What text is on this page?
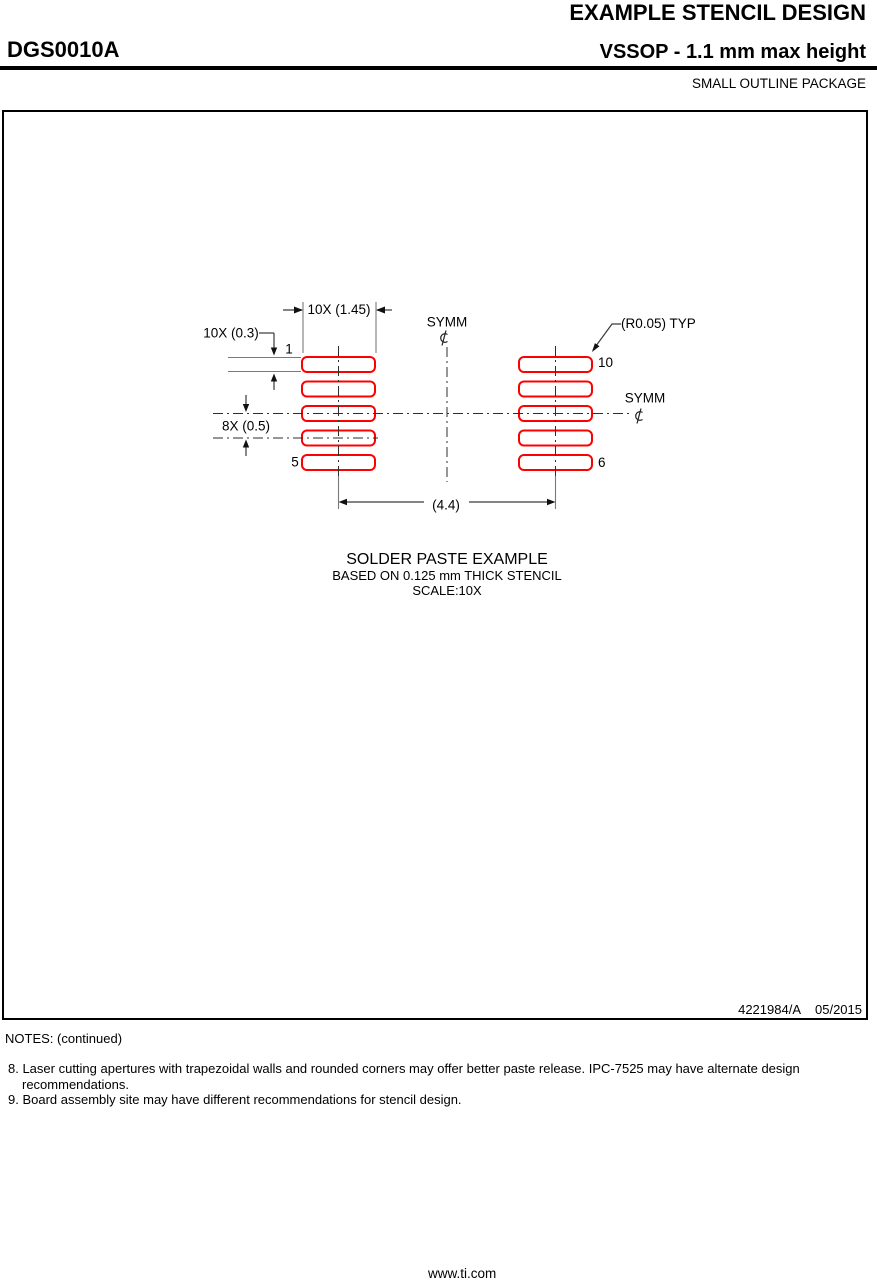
EXAMPLE STENCIL DESIGN
DGS0010A	VSSOP - 1.1 mm max height
SMALL OUTLINE PACKAGE
10X (1.45)
10X (0.3)
8X (0.5)
(4.4)
(R0.05) TYP
SYMM
SYMM
1
5
10
6
SOLDER PASTE EXAMPLE
BASED ON 0.125 mm THICK STENCIL
SCALE:10X
4221984/A 05/2015
NOTES: (continued)
8. Laser cutting apertures with trapezoidal walls and rounded corners may offer better paste release. IPC-7525 may have alternate design recommendations.
9. Board assembly site may have different recommendations for stencil design.
www.ti.com
